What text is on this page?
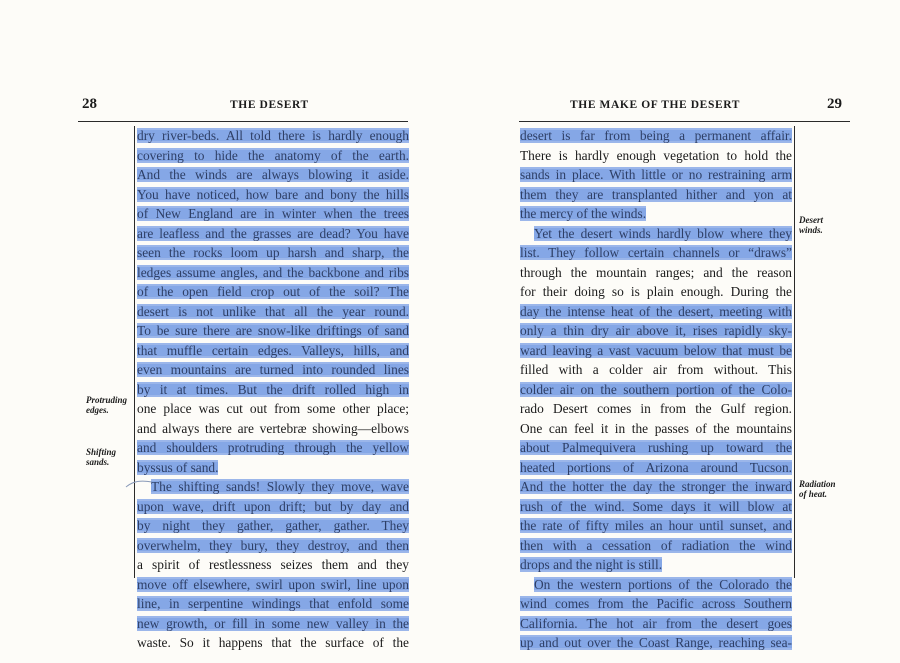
28	THE DESERT
dry river-beds. All told there is hardly enough
covering to hide the anatomy of the earth.
And the winds are always blowing it aside.
You have noticed, how bare and bony the hills
of New England are in winter when the trees
are leafless and the grasses are dead? You have
seen the rocks loom up harsh and sharp, the
ledges assume angles, and the backbone and ribs
of the open field crop out of the soil? The
desert is not unlike that all the year round.
To be sure there are snow-like driftings of sand
that muffle certain edges. Valleys, hills, and
even mountains are turned into rounded lines
by it at times. But the drift rolled high in
one place was cut out from some other place;
and always there are vertebræ showing—elbows
and shoulders protruding through the yellow
byssus of sand.
The shifting sands! Slowly they move, wave
upon wave, drift upon drift; but by day and
by night they gather, gather, gather. They
overwhelm, they bury, they destroy, and then
a spirit of restlessness seizes them and they
move off elsewhere, swirl upon swirl, line upon
line, in serpentine windings that enfold some
new growth, or fill in some new valley in the
waste. So it happens that the surface of the

Protruding
edges.

Shifting
sands.

THE MAKE OF THE DESERT	29
desert is far from being a permanent affair.
There is hardly enough vegetation to hold the
sands in place. With little or no restraining arm
them they are transplanted hither and yon at
the mercy of the winds.
Yet the desert winds hardly blow where they
list. They follow certain channels or “draws”
through the mountain ranges; and the reason
for their doing so is plain enough. During the
day the intense heat of the desert, meeting with
only a thin dry air above it, rises rapidly sky-
ward leaving a vast vacuum below that must be
filled with a colder air from without. This
colder air on the southern portion of the Colo-
rado Desert comes in from the Gulf region.
One can feel it in the passes of the mountains
about Palmequivera rushing up toward the
heated portions of Arizona around Tucson.
And the hotter the day the stronger the inward
rush of the wind. Some days it will blow at
the rate of fifty miles an hour until sunset, and
then with a cessation of radiation the wind
drops and the night is still.
On the western portions of the Colorado the
wind comes from the Pacific across Southern
California. The hot air from the desert goes
up and out over the Coast Range, reaching sea-

Desert
winds.

Radiation
of heat.
